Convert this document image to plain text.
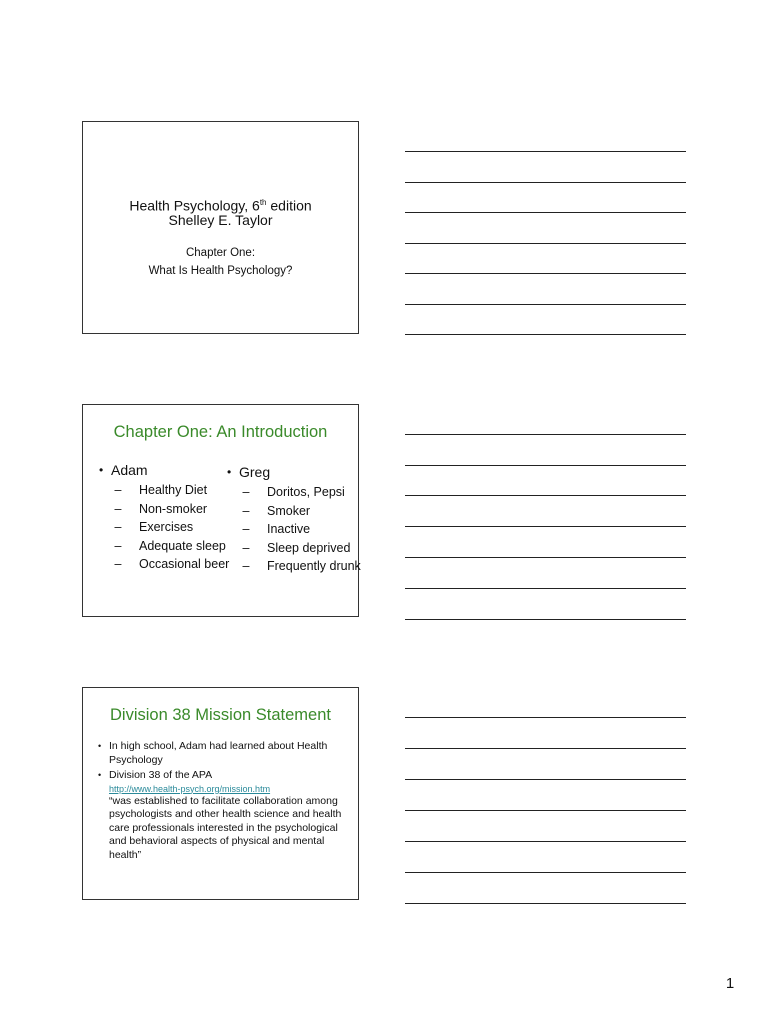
Health Psychology, 6th edition
Shelley E. Taylor
Chapter One:
What Is Health Psychology?
Chapter One: An Introduction
• Adam
– Healthy Diet
– Non-smoker
– Exercises
– Adequate sleep
– Occasional beer
• Greg
– Doritos, Pepsi
– Smoker
– Inactive
– Sleep deprived
– Frequently drunk
Division 38 Mission Statement
• In high school, Adam had learned about Health Psychology
• Division 38 of the APA
http://www.health-psych.org/mission.htm
“was established to facilitate collaboration among psychologists and other health science and health care professionals interested in the psychological and behavioral aspects of physical and mental health”
1
